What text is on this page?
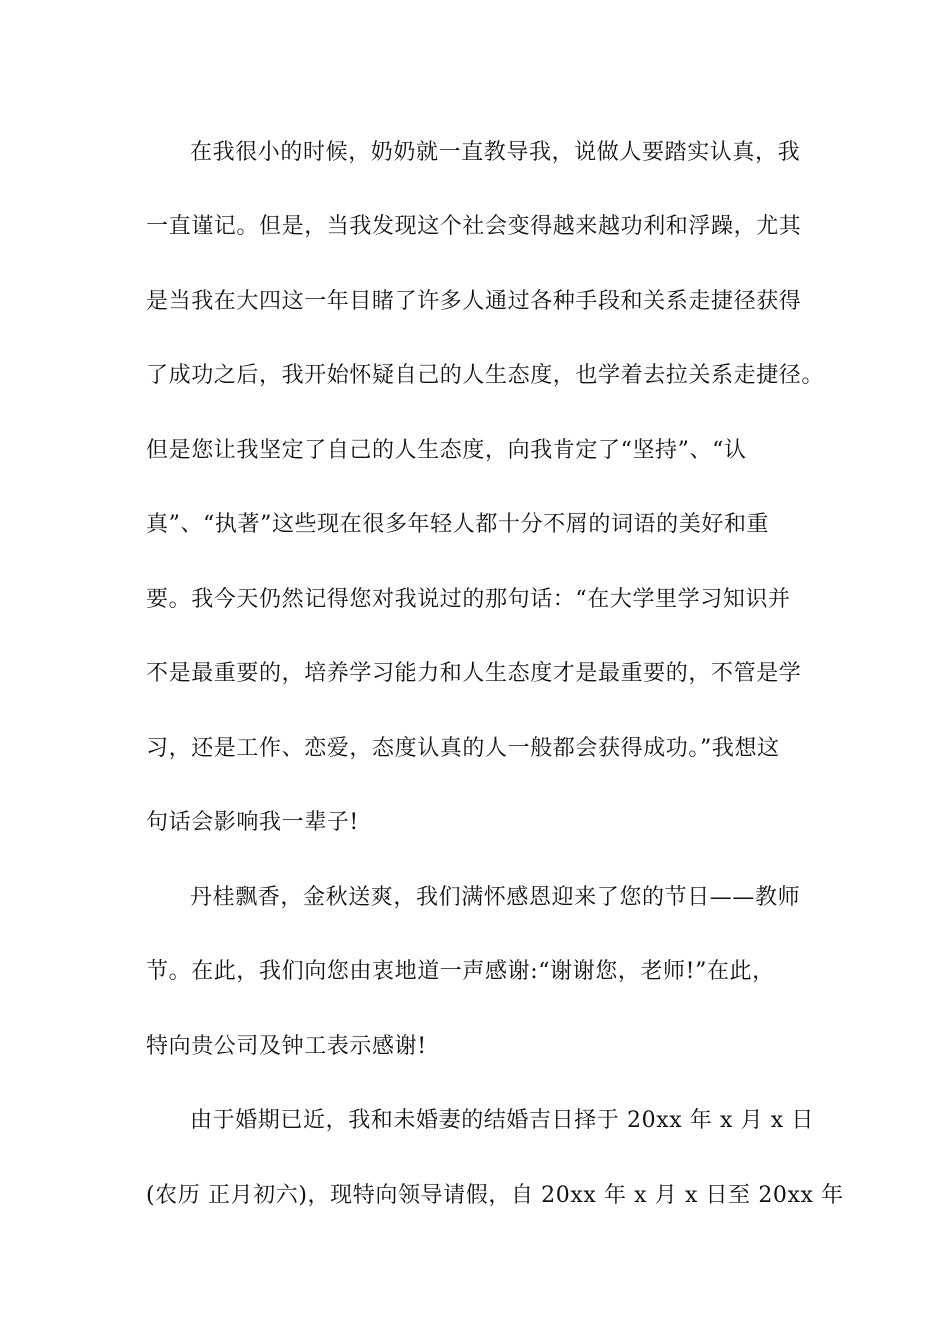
在我很小的时候，奶奶就一直教导我，说做人要踏实认真，我
一直谨记。但是，当我发现这个社会变得越来越功利和浮躁，尤其
是当我在大四这一年目睹了许多人通过各种手段和关系走捷径获得
了成功之后，我开始怀疑自己的人生态度，也学着去拉关系走捷径。
但是您让我坚定了自己的人生态度，向我肯定了“坚持”、“认
真”、“执著”这些现在很多年轻人都十分不屑的词语的美好和重
要。我今天仍然记得您对我说过的那句话：“在大学里学习知识并
不是最重要的，培养学习能力和人生态度才是最重要的，不管是学
习，还是工作、恋爱，态度认真的人一般都会获得成功。”我想这
句话会影响我一辈子!
丹桂飘香，金秋送爽，我们满怀感恩迎来了您的节日——教师
节。在此，我们向您由衷地道一声感谢:“谢谢您，老师!”在此，
特向贵公司及钟工表示感谢!
由于婚期已近，我和未婚妻的结婚吉日择于 20xx 年 x 月 x 日
(农历 正月初六)，现特向领导请假，自 20xx 年 x 月 x 日至 20xx 年
